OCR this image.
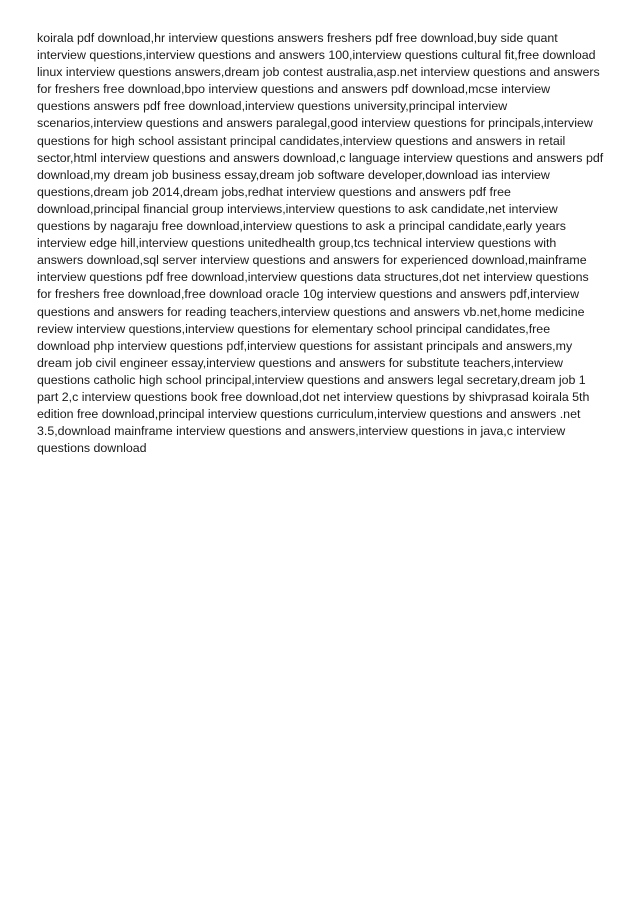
koirala pdf download,hr interview questions answers freshers pdf free download,buy side quant interview questions,interview questions and answers 100,interview questions cultural fit,free download linux interview questions answers,dream job contest australia,asp.net interview questions and answers for freshers free download,bpo interview questions and answers pdf download,mcse interview questions answers pdf free download,interview questions university,principal interview scenarios,interview questions and answers paralegal,good interview questions for principals,interview questions for high school assistant principal candidates,interview questions and answers in retail sector,html interview questions and answers download,c language interview questions and answers pdf download,my dream job business essay,dream job software developer,download ias interview questions,dream job 2014,dream jobs,redhat interview questions and answers pdf free download,principal financial group interviews,interview questions to ask candidate,net interview questions by nagaraju free download,interview questions to ask a principal candidate,early years interview edge hill,interview questions unitedhealth group,tcs technical interview questions with answers download,sql server interview questions and answers for experienced download,mainframe interview questions pdf free download,interview questions data structures,dot net interview questions for freshers free download,free download oracle 10g interview questions and answers pdf,interview questions and answers for reading teachers,interview questions and answers vb.net,home medicine review interview questions,interview questions for elementary school principal candidates,free download php interview questions pdf,interview questions for assistant principals and answers,my dream job civil engineer essay,interview questions and answers for substitute teachers,interview questions catholic high school principal,interview questions and answers legal secretary,dream job 1 part 2,c interview questions book free download,dot net interview questions by shivprasad koirala 5th edition free download,principal interview questions curriculum,interview questions and answers .net 3.5,download mainframe interview questions and answers,interview questions in java,c interview questions download
